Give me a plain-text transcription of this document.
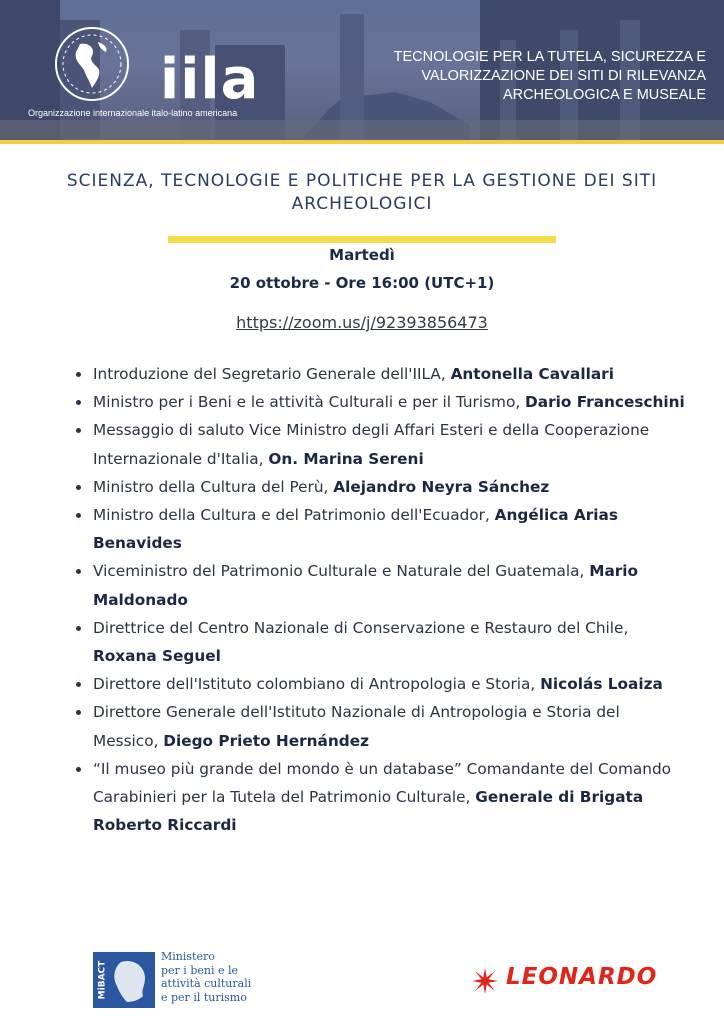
iila
Organizzazione internazionale italo-latino americana
TECNOLOGIE PER LA TUTELA, SICUREZZA E VALORIZZAZIONE DEI SITI DI RILEVANZA ARCHEOLOGICA E MUSEALE
SCIENZA, TECNOLOGIE E POLITICHE PER LA GESTIONE DEI SITI ARCHEOLOGICI
Martedì
20 ottobre - Ore 16:00 (UTC+1)
https://zoom.us/j/92393856473
Introduzione del Segretario Generale dell'IILA, Antonella Cavallari
Ministro per i Beni e le attività Culturali e per il Turismo, Dario Franceschini
Messaggio di saluto Vice Ministro degli Affari Esteri e della Cooperazione Internazionale d'Italia, On. Marina Sereni
Ministro della Cultura del Perù, Alejandro Neyra Sánchez
Ministro della Cultura e del Patrimonio dell'Ecuador, Angélica Arias Benavides
Viceministro del Patrimonio Culturale e Naturale del Guatemala, Mario Maldonado
Direttrice del Centro Nazionale di Conservazione e Restauro del Chile, Roxana Seguel
Direttore dell'Istituto colombiano di Antropologia e Storia, Nicolás Loaiza
Direttore Generale dell'Istituto Nazionale di Antropologia e Storia del Messico, Diego Prieto Hernández
“Il museo più grande del mondo è un database” Comandante del Comando Carabinieri per la Tutela del Patrimonio Culturale, Generale di Brigata Roberto Riccardi
MiBACT
Ministero
per i beni e le
attività culturali
e per il turismo
LEONARDO
